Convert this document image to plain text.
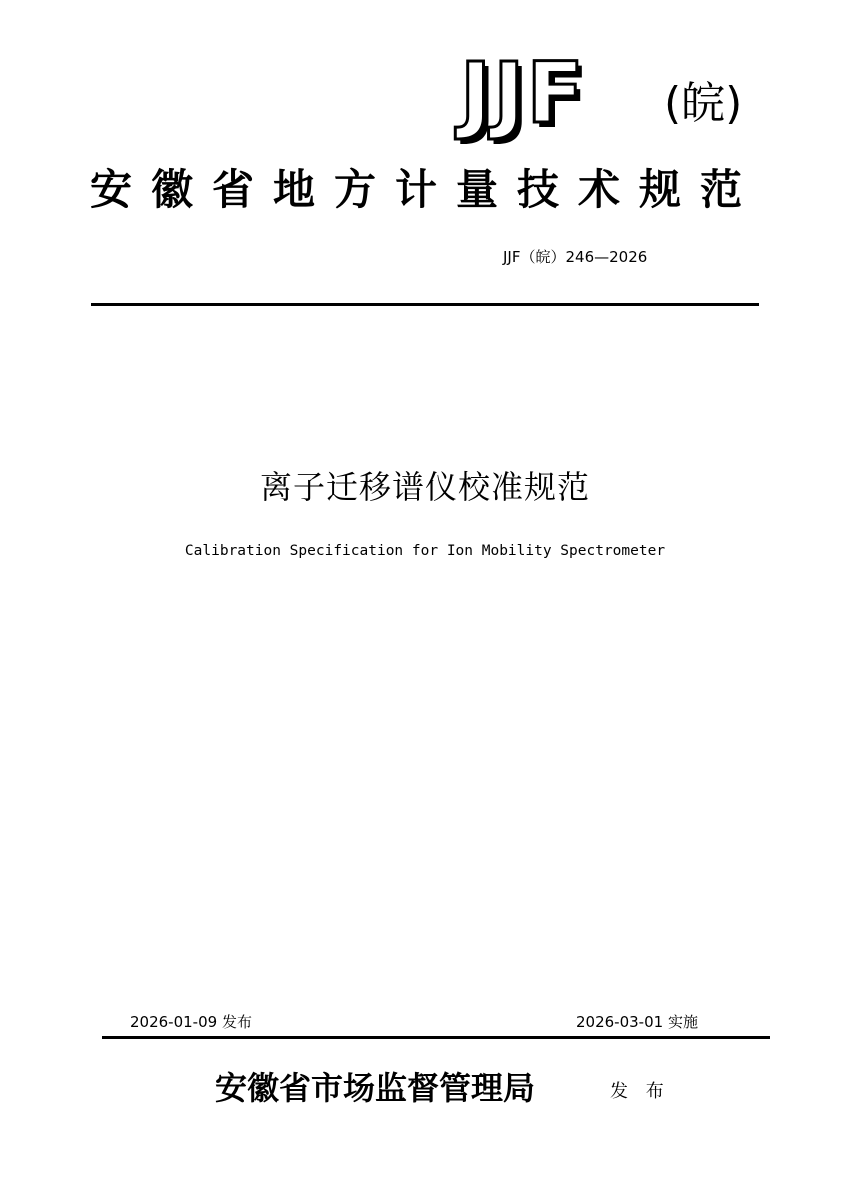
JJF (皖)
安徽省地方计量技术规范
JJF（皖）246—2026
离子迁移谱仪校准规范
Calibration Specification for Ion Mobility Spectrometer
2026-01-09 发布	2026-03-01 实施
安徽省市场监督管理局	发 布
